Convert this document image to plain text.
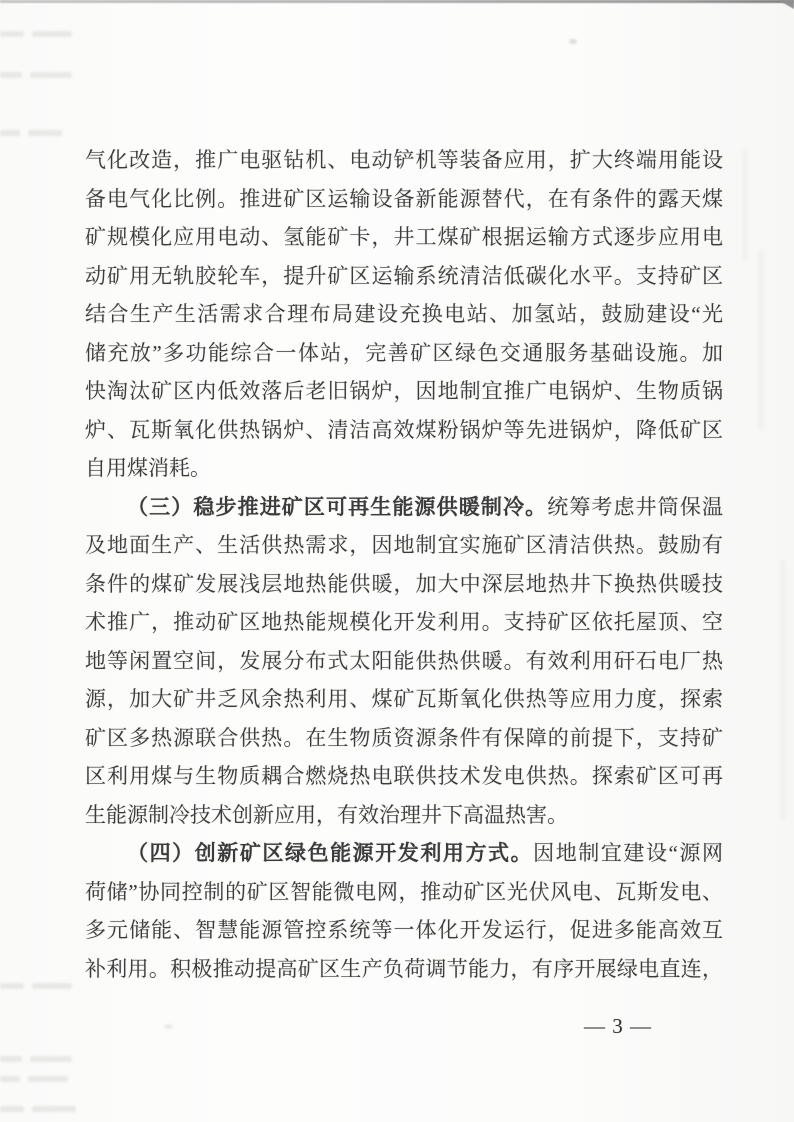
气化改造，推广电驱钻机、电动铲机等装备应用，扩大终端用能设
备电气化比例。推进矿区运输设备新能源替代，在有条件的露天煤
矿规模化应用电动、氢能矿卡，井工煤矿根据运输方式逐步应用电
动矿用无轨胶轮车，提升矿区运输系统清洁低碳化水平。支持矿区
结合生产生活需求合理布局建设充换电站、加氢站，鼓励建设“光
储充放”多功能综合一体站，完善矿区绿色交通服务基础设施。加
快淘汰矿区内低效落后老旧锅炉，因地制宜推广电锅炉、生物质锅
炉、瓦斯氧化供热锅炉、清洁高效煤粉锅炉等先进锅炉，降低矿区
自用煤消耗。
（三）稳步推进矿区可再生能源供暖制冷。统筹考虑井筒保温
及地面生产、生活供热需求，因地制宜实施矿区清洁供热。鼓励有
条件的煤矿发展浅层地热能供暖，加大中深层地热井下换热供暖技
术推广，推动矿区地热能规模化开发利用。支持矿区依托屋顶、空
地等闲置空间，发展分布式太阳能供热供暖。有效利用矸石电厂热
源，加大矿井乏风余热利用、煤矿瓦斯氧化供热等应用力度，探索
矿区多热源联合供热。在生物质资源条件有保障的前提下，支持矿
区利用煤与生物质耦合燃烧热电联供技术发电供热。探索矿区可再
生能源制冷技术创新应用，有效治理井下高温热害。
（四）创新矿区绿色能源开发利用方式。因地制宜建设“源网
荷储”协同控制的矿区智能微电网，推动矿区光伏风电、瓦斯发电、
多元储能、智慧能源管控系统等一体化开发运行，促进多能高效互
补利用。积极推动提高矿区生产负荷调节能力，有序开展绿电直连，
— 3 —
